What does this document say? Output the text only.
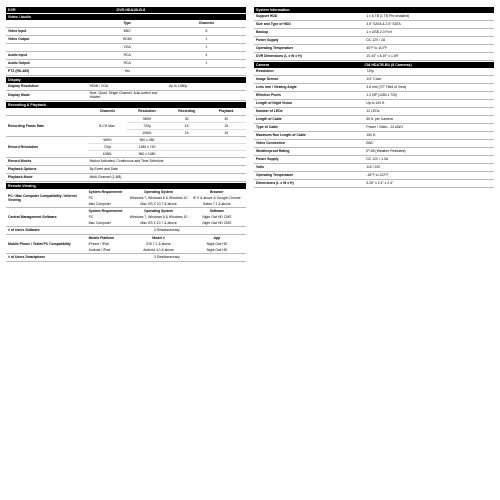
DVR	DVR-HDA10LB-8
Video / Audio
Type	Channels
Video Input	BNC	8
Video Output	HDMI	1
VGA	1
Audio Input	RCA	4
Audio Output	RCA	1
PTZ (RS-485)	Yes
Display
Display Resolution	HDMI / VGA	Up to 1080p
Display Mode
Nine, Quad, Single Channel, Auto-switch and Hidden
Recording & Playback
Channels	Resolution	Recording	Playback
Recording Frame Rate	8-CH Max.
960H	30	30
720p	15	15
1080L	15	15
Record Resolution
960H	960 x 480
720p	1280 x 720
1080L	960 x 1080
Record Modes	Motion Activated, Continuous and Time Schedule
Playback Options	By Event and Date
Playback Mode	Multi-Channel (1-8/8)
Remote Viewing
PC / Mac Computer Compatibility / Internet Viewing
System Requirement	Operating System	Browser
PC	Windows 7, Windows 8 & Windows 10	IE 9 & above & Google Chrome
Mac Computer	Mac OS X 10.7 & above	Safari 7.1 & above
Central Management Software
System Requirement	Operating System	Software
PC	Windows 7, Windows 8 & Windows 10	Night Owl HD CMS
Mac Computer	Mac OS X 10.7 & above	Night Owl HD CMS
# of Users Software	3 Simultaneously
Mobile Phone / Tablet PC Compatibility
Mobile Platform	Model #	App
iPhone / iPad	iOS 7.1 & above	Night Owl HD
Android / iPad	Android 4.0 & above	Night Owl HD
# of Users Smartphone	3 Simultaneously
System Information
Support HDD	1 x 6 TB (1 TB Pre-installed)
Size and Type of HDD	3.5" SATA & 2.5" SATA
Backup	1 x USB 2.0 Port
Power Supply	DC 12V / 2A
Operating Temperature	40°F to 110°F
DVR Dimensions (L x W x H)	10.43" x 8.19" x 1.69"
Camera	CM-HDA7B-BU (8 Cameras)
Resolution	720p
Image Sensor	1/4" Color
Lens mm / Viewing Angle	3.6 mm (70° Field of View)
Effective Pixels	1.0 MP (1280 x 720)
Length of Night Vision	Up to 100 ft.
Number of LEDs	12 LEDs
Length of Cable	60 ft. per Camera
Type of Cable	Power / Video - 24 AWG
Maximum Run Length of Cable	150 ft.
Video Connection	BNC
Weatherproof Rating	IP-65 (Weather Resistant)
Power Supply	DC 12V / 1.0A
Volts	110 / 220
Operating Temperature	-18°F to 122°F
Dimensions (L x W x H)	5.26" x 2.4" x 2.4"
